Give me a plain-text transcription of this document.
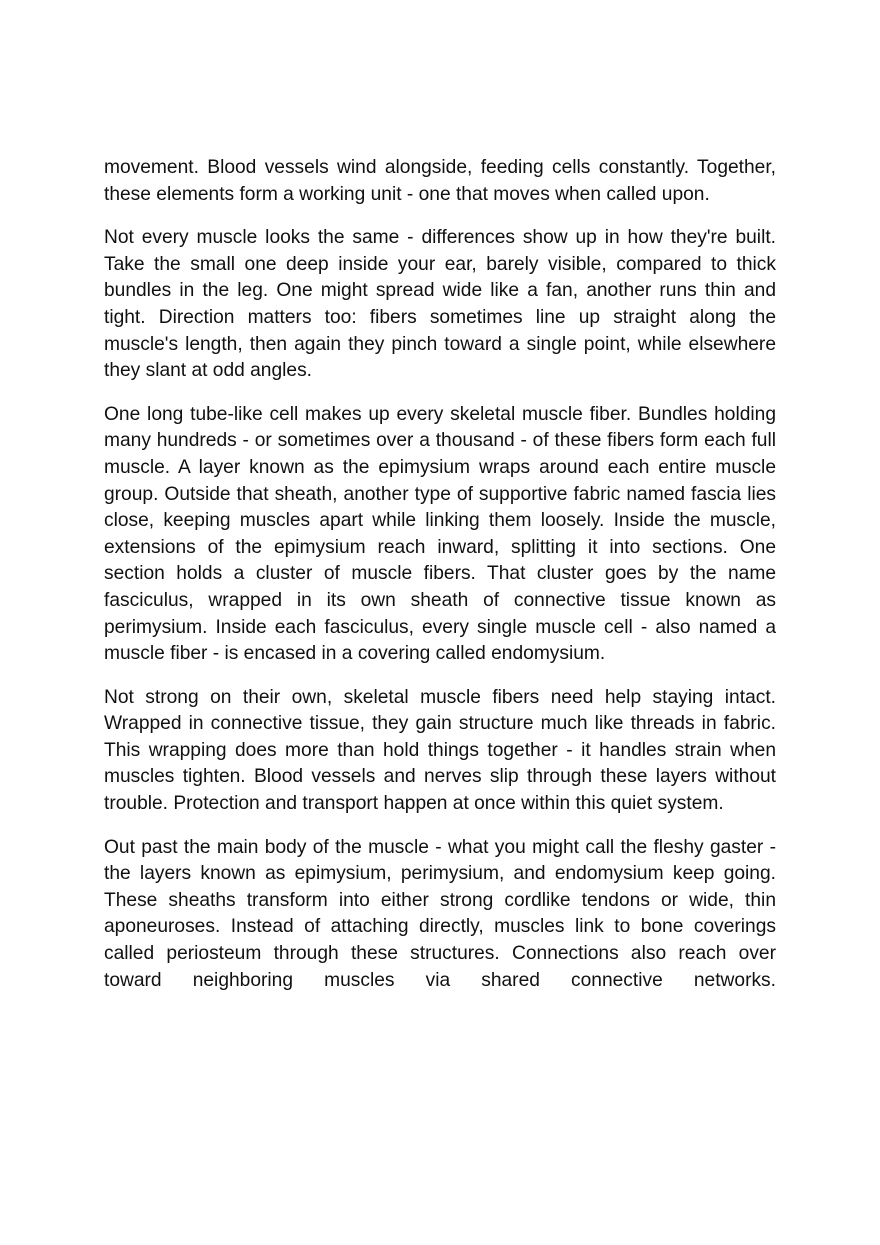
movement. Blood vessels wind alongside, feeding cells constantly. Together, these elements form a working unit - one that moves when called upon.

Not every muscle looks the same - differences show up in how they're built. Take the small one deep inside your ear, barely visible, compared to thick bundles in the leg. One might spread wide like a fan, another runs thin and tight. Direction matters too: fibers sometimes line up straight along the muscle's length, then again they pinch toward a single point, while elsewhere they slant at odd angles.

One long tube-like cell makes up every skeletal muscle fiber. Bundles holding many hundreds - or sometimes over a thousand - of these fibers form each full muscle. A layer known as the epimysium wraps around each entire muscle group. Outside that sheath, another type of supportive fabric named fascia lies close, keeping muscles apart while linking them loosely. Inside the muscle, extensions of the epimysium reach inward, splitting it into sections. One section holds a cluster of muscle fibers. That cluster goes by the name fasciculus, wrapped in its own sheath of connective tissue known as perimysium. Inside each fasciculus, every single muscle cell - also named a muscle fiber - is encased in a covering called endomysium.

Not strong on their own, skeletal muscle fibers need help staying intact. Wrapped in connective tissue, they gain structure much like threads in fabric. This wrapping does more than hold things together - it handles strain when muscles tighten. Blood vessels and nerves slip through these layers without trouble. Protection and transport happen at once within this quiet system.

Out past the main body of the muscle - what you might call the fleshy gaster - the layers known as epimysium, perimysium, and endomysium keep going. These sheaths transform into either strong cordlike tendons or wide, thin aponeuroses. Instead of attaching directly, muscles link to bone coverings called periosteum through these structures. Connections also reach over toward neighboring muscles via shared connective networks.
